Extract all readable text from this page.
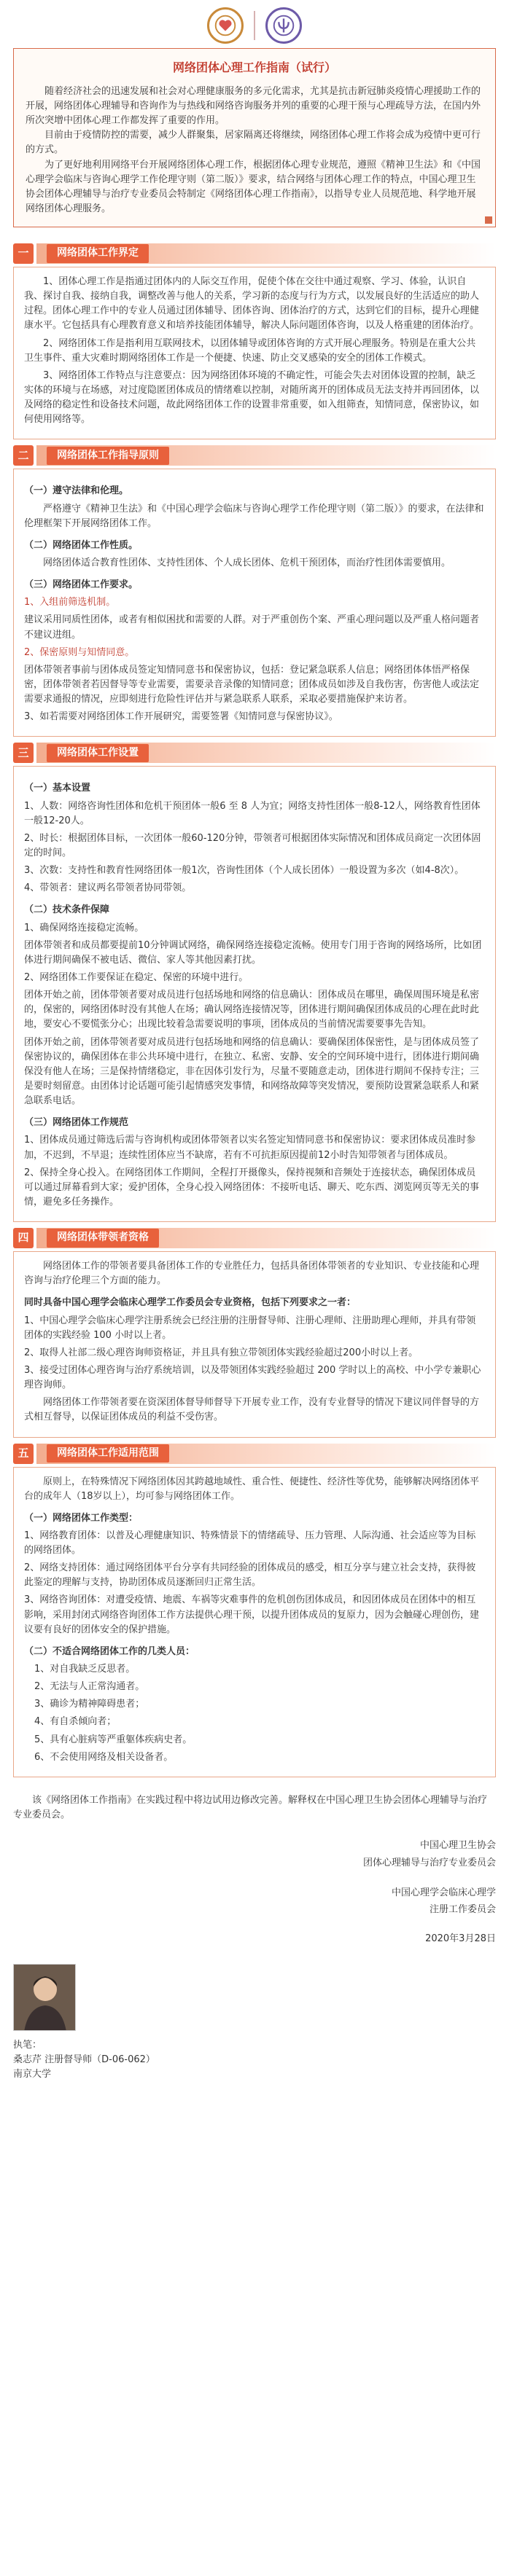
网络团体心理工作指南（试行）

随着经济社会的迅速发展和社会对心理健康服务的多元化需求，尤其是抗击新冠肺炎疫情心理援助工作的开展，网络团体心理辅导和咨询作为与热线和网络咨询服务并列的重要的心理干预与心理疏导方法，在国内外所次突增中团体心理工作都发挥了重要的作用。

目前由于疫情防控的需要，减少人群聚集，居家隔离还将继续，网络团体心理工作将会成为疫情中更可行的方式。

为了更好地利用网络平台开展网络团体心理工作，根据团体心理专业规范，遵照《精神卫生法》和《中国心理学会临床与咨询心理学工作伦理守则（第二版）》要求，结合网络与团体心理工作的特点，中国心理卫生协会团体心理辅导与治疗专业委员会特制定《网络团体心理工作指南》，以指导专业人员规范地、科学地开展网络团体心理服务。

一	网络团体工作界定

1、团体心理工作是指通过团体内的人际交互作用，促使个体在交往中通过观察、学习、体验，认识自我、探讨自我、接纳自我，调整改善与他人的关系，学习新的态度与行为方式，以发展良好的生活适应的助人过程。团体心理工作中的专业人员通过团体辅导、团体咨询、团体治疗的方式，达到它们的目标，提升心理健康水平。它包括具有心理教育意义和培养技能团体辅导，解决人际问题团体咨询，以及人格重建的团体治疗。

2、网络团体工作是指利用互联网技术，以团体辅导或团体咨询的方式开展心理服务。特别是在重大公共卫生事件、重大灾难时期网络团体工作是一个便捷、快速、防止交叉感染的安全的团体工作模式。

3、网络团体工作特点与注意要点：因为网络团体环境的不确定性，可能会失去对团体设置的控制，缺乏实体的环境与在场感，对过度隐匿团体成员的情绪难以控制，对随所离开的团体成员无法支持并再回团体，以及网络的稳定性和设备技术问题，故此网络团体工作的设置非常重要，如入组筛查，知情同意，保密协议，如何使用网络等。

二	网络团体工作指导原则

（一）遵守法律和伦理。

严格遵守《精神卫生法》和《中国心理学会临床与咨询心理学工作伦理守则（第二版）》的要求，在法律和伦理框架下开展网络团体工作。

（二）网络团体工作性质。

网络团体适合教育性团体、支持性团体、个人成长团体、危机干预团体，而治疗性团体需要慎用。

（三）网络团体工作要求。

1、入组前筛选机制。

建议采用同质性团体，或者有相似困扰和需要的人群。对于严重创伤个案、严重心理问题以及严重人格问题者不建议进组。

2、保密原则与知情同意。

团体带领者事前与团体成员签定知情同意书和保密协议，包括：登记紧急联系人信息；网络团体体悟严格保密，团体带领者若因督导等专业需要，需要录音录像的知情同意；团体成员如涉及自我伤害，伤害他人或法定需要求通报的情况，应即刻进行危险性评估并与紧急联系人联系，采取必要措施保护来访者。

3、如若需要对网络团体工作开展研究，需要签署《知情同意与保密协议》。

三	网络团体工作设置

（一）基本设置

1、人数：网络咨询性团体和危机干预团体一般6 至 8 人为宜；网络支持性团体一般8-12人，网络教育性团体一般12-20人。

2、时长：根据团体目标，一次团体一般60-120分钟，带领者可根据团体实际情况和团体成员商定一次团体固定的时间。

3、次数：支持性和教育性网络团体一般1次，咨询性团体（个人成长团体）一般设置为多次（如4-8次）。

4、带领者：建议两名带领者协同带领。

（二）技术条件保障

1、确保网络连接稳定流畅。

团体带领者和成员都要提前10分钟调试网络，确保网络连接稳定流畅。使用专门用于咨询的网络场所，比如团体进行期间确保不被电话、微信、家人等其他因素打扰。

2、网络团体工作要保证在稳定、保密的环境中进行。

团体开始之前，团体带领者要对成员进行包括场地和网络的信息确认：团体成员在哪里，确保周围环境是私密的，保密的，网络团体时没有其他人在场；确认网络连接情况等，团体进行期间确保团体成员的心理在此时此地，要安心不要慌张分心；出现比较着急需要说明的事项，团体成员的当前情况需要要事先告知。

团体开始之前，团体带领者要对成员进行包括场地和网络的信息确认：要确保团体保密性，是与团体成员签了保密协议的，确保团体在非公共环境中进行，在独立、私密、安静、安全的空间环境中进行，团体进行期间确保没有他人在场；三是保持情绪稳定，非在因体引发行为，尽量不要随意走动，团体进行期间不保持专注；三是要时刻留意。由团体讨论话题可能引起情感突发事情，和网络故障等突发情况，要预防设置紧急联系人和紧急联系电话。

（三）网络团体工作规范

1、团体成员通过筛选后需与咨询机构或团体带领者以实名签定知情同意书和保密协议：要求团体成员准时参加，不迟到，不早退；连续性团体应当不缺席，若有不可抗拒原因提前12小时告知带领者与团体成员。

2、保持全身心投入。在网络团体工作期间，全程打开摄像头，保持视频和音频处于连接状态，确保团体成员可以通过屏幕看到大家；爱护团体，全身心投入网络团体：不接听电话、聊天、吃东西、浏览网页等无关的事情，避免多任务操作。

四	网络团体带领者资格

网络团体工作的带领者要具备团体工作的专业胜任力，包括具备团体带领者的专业知识、专业技能和心理咨询与治疗伦理三个方面的能力。

同时具备中国心理学会临床心理学工作委员会专业资格，包括下列要求之一者：

1、中国心理学会临床心理学注册系统会已经注册的注册督导师、注册心理师、注册助理心理师，并具有带领团体的实践经验 100 小时以上者。

2、取得人社部二级心理咨询师资格证，并且具有独立带领团体实践经验超过200小时以上者。

3、接受过团体心理咨询与治疗系统培训，以及带领团体实践经验超过 200 学时以上的高校、中小学专兼职心理咨询师。

网络团体工作带领者要在资深团体督导师督导下开展专业工作，没有专业督导的情况下建议同伴督导的方式相互督导，以保证团体成员的利益不受伤害。

五	网络团体工作适用范围

原则上，在特殊情况下网络团体因其跨越地域性、重合性、便捷性、经济性等优势，能够解决网络团体平台的成年人（18岁以上），均可参与网络团体工作。

（一）网络团体工作类型：

1、网络教育团体：以普及心理健康知识、特殊情景下的情绪疏导、压力管理、人际沟通、社会适应等为目标的网络团体。

2、网络支持团体：通过网络团体平台分享有共同经验的团体成员的感受，相互分享与建立社会支持，获得彼此鉴定的理解与支持，协助团体成员逐渐回归正常生活。

3、网络咨询团体：对遭受疫情、地震、车祸等灾难事件的危机创伤团体成员，和因团体成员在团体中的相互影响，采用封闭式网络咨询团体工作方法提供心理干预，以提升团体成员的复原力，因为会触碰心理创伤，建议要有良好的团体安全的保护措施。

（二）不适合网络团体工作的几类人员：

1、对自我缺乏反思者。

2、无法与人正常沟通者。

3、确诊为精神障碍患者；

4、有自杀倾向者；

5、具有心脏病等严重躯体疾病史者。

6、不会使用网络及相关设备者。

该《网络团体工作指南》在实践过程中将边试用边修改完善。解释权在中国心理卫生协会团体心理辅导与治疗专业委员会。

中国心理卫生协会
团体心理辅导与治疗专业委员会
中国心理学会临床心理学
注册工作委员会
2020年3月28日
执笔：
桑志芹 注册督导师（D-06-062）
南京大学
